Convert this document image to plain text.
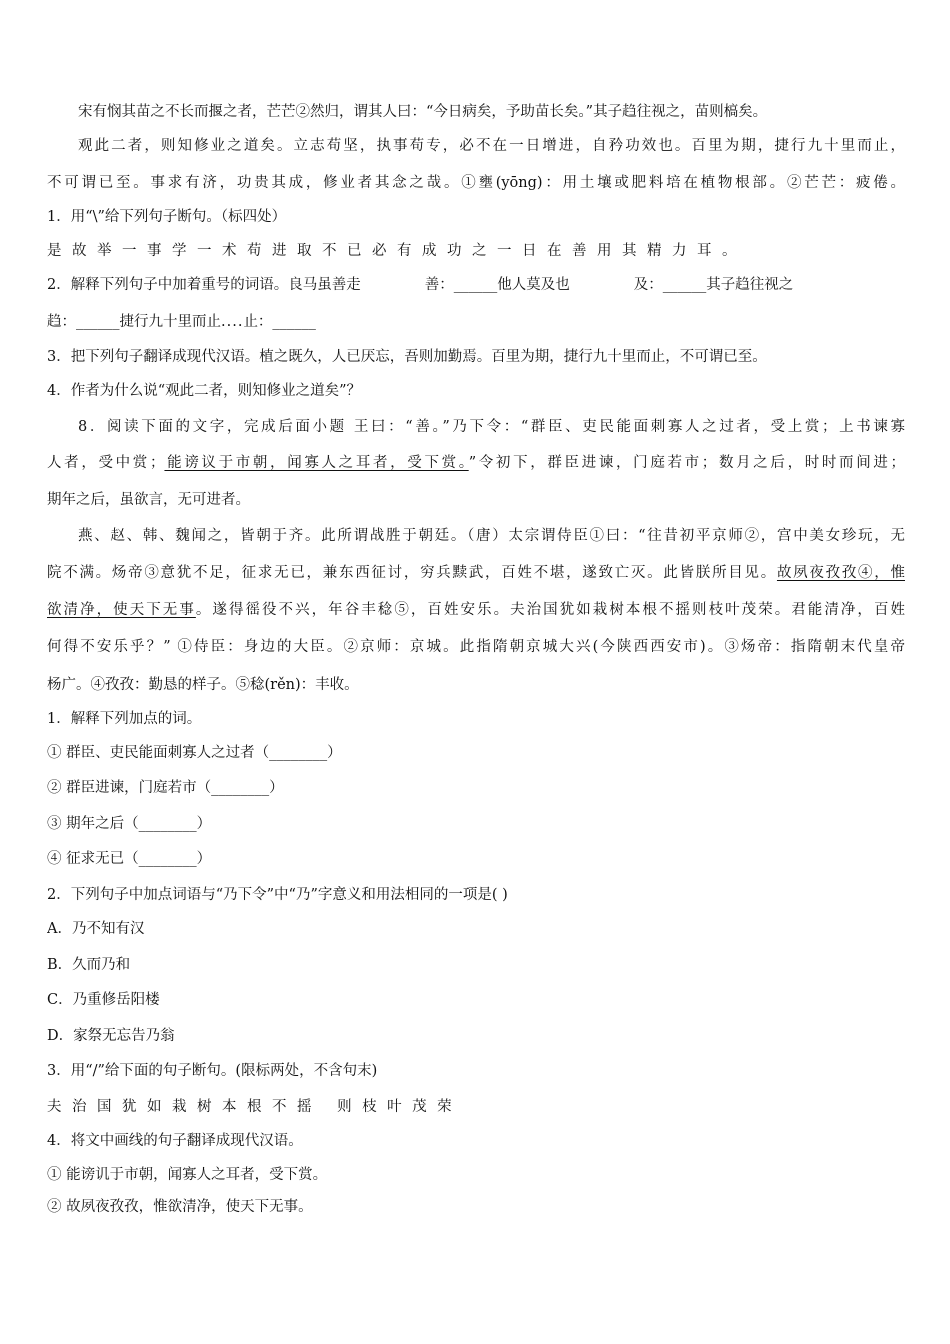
宋有悯其苗之不长而揠之者，芒芒②然归，谓其人曰：“今日病矣，予助苗长矣。”其子趋往视之，苗则槁矣。
观此二者，则知修业之道矣。立志苟坚，执事苟专，必不在一日增进，自矜功效也。百里为期，捷行九十里而止，
不可谓已至。事求有济，功贵其成，修业者其念之哉。①壅(yōng)：用土壤或肥料培在植物根部。②芒芒：疲倦。
1．用“\”给下列句子断句。（标四处）
是故举一事学一术苟进取不已必有成功之一日在善用其精力耳。
2．解释下列句子中加着重号的词语。良马虽善走	善：______他人莫及也	及：______其子趋往视之
趋：______捷行九十里而止....止：______
3．把下列句子翻译成现代汉语。植之既久，人已厌忘，吾则加勤焉。百里为期，捷行九十里而止，不可谓已至。
4．作者为什么说“观此二者，则知修业之道矣”？
8．阅读下面的文字，完成后面小题 王曰：“善。”乃下令：“群臣、吏民能面刺寡人之过者，受上赏；上书谏寡
人者，受中赏；能谤议于市朝，闻寡人之耳者，受下赏。”令初下，群臣进谏，门庭若市；数月之后，时时而间进；
期年之后，虽欲言，无可进者。
燕、赵、韩、魏闻之，皆朝于齐。此所谓战胜于朝廷。（唐）太宗谓侍臣①曰：“往昔初平京师②，宫中美女珍玩，无
院不满。炀帝③意犹不足，征求无已，兼东西征讨，穷兵黩武，百姓不堪，遂致亡灭。此皆朕所目见。故夙夜孜孜④，惟
欲清净，使天下无事。遂得徭役不兴，年谷丰稔⑤，百姓安乐。夫治国犹如栽树本根不摇则枝叶茂荣。君能清净，百姓
何得不安乐乎？” ①侍臣：身边的大臣。②京师：京城。此指隋朝京城大兴(今陕西西安市)。③炀帝：指隋朝末代皇帝
杨广。④孜孜：勤恳的样子。⑤稔(rěn)：丰收。
1．解释下列加点的词。
① 群臣、吏民能面刺寡人之过者（________）
② 群臣进谏，门庭若市（________）
③ 期年之后（________）
④ 征求无已（________）
2．下列句子中加点词语与“乃下令”中“乃”字意义和用法相同的一项是( )
A．乃不知有汉
B．久而乃和
C．乃重修岳阳楼
D．家祭无忘告乃翁
3．用“/”给下面的句子断句。(限标两处，不含句末)
夫治国犹如栽树本根不摇 则枝叶茂荣
4．将文中画线的句子翻译成现代汉语。
① 能谤讥于市朝，闻寡人之耳者，受下赏。
② 故夙夜孜孜，惟欲清净，使天下无事。
